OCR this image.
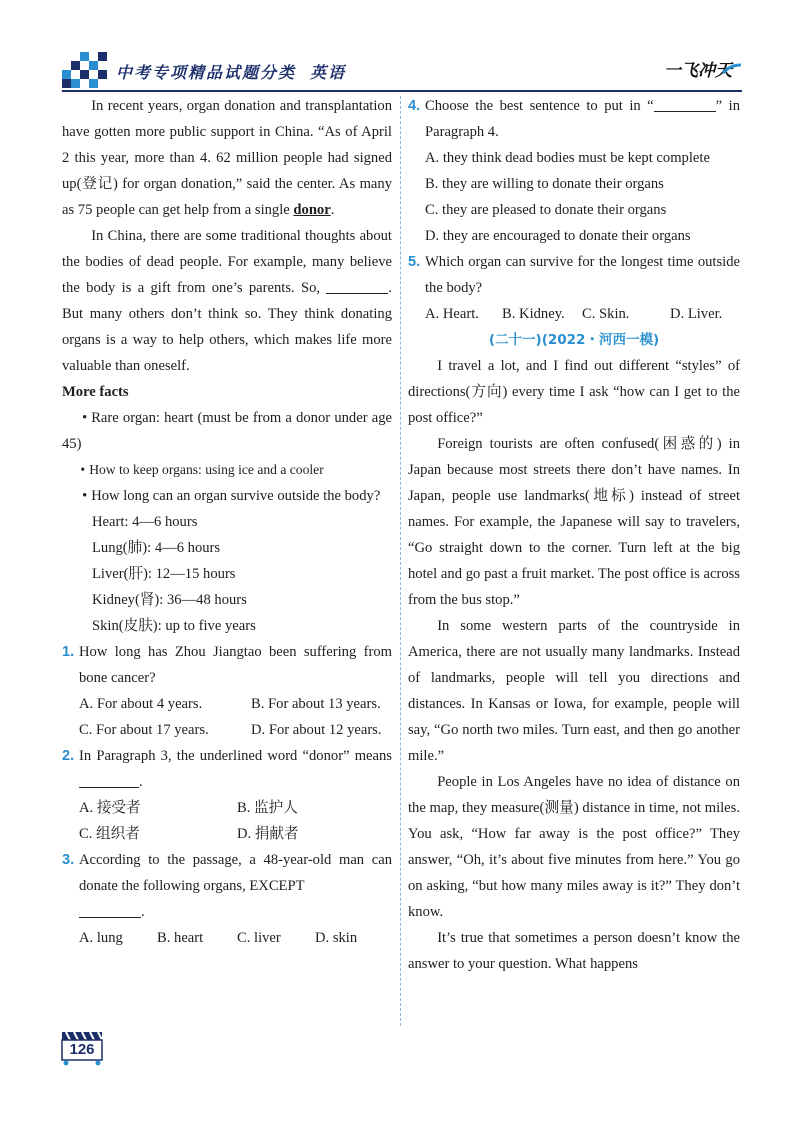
中考专项精品试题分类 英语	一飞冲天

In recent years, organ donation and transplantation have gotten more public support in China. “As of April 2 this year, more than 4. 62 million people had signed up(登记) for organ donation,” said the center. As many as 75 people can get help from a single donor.

In China, there are some traditional thoughts about the bodies of dead people. For example, many believe the body is a gift from one’s parents. So,	. But many others don’t think so. They think donating organs is a way to help others, which makes life more valuable than oneself.

More facts

• Rare organ: heart (must be from a donor under age 45)

• How to keep organs: using ice and a cooler

• How long can an organ survive outside the body?

Heart: 4—6 hours

Lung(肺): 4—6 hours

Liver(肝): 12—15 hours

Kidney(肾): 36—48 hours

Skin(皮肤): up to five years

1. How long has Zhou Jiangtao been suffering from bone cancer?

A. For about 4 years.	B. For about 13 years.
C. For about 17 years.	D. For about 12 years.

2. In Paragraph 3, the underlined word “donor” means .

A. 接受者	B. 监护人
C. 组织者	D. 捐献者

3. According to the passage, a 48-year-old man can donate the following organs, EXCEPT

.

A. lung	B. heart	C. liver	D. skin

4. Choose the best sentence to put in “	” in Paragraph 4.

A. they think dead bodies must be kept complete

B. they are willing to donate their organs

C. they are pleased to donate their organs

D. they are encouraged to donate their organs

5. Which organ can survive for the longest time outside the body?

A. Heart.	B. Kidney.	C. Skin.	D. Liver.

(二十一)(2022・河西一模)

I travel a lot, and I find out different “styles” of directions(方向) every time I ask “how can I get to the post office?”

Foreign tourists are often confused(困惑的) in Japan because most streets there don’t have names. In Japan, people use landmarks(地标) instead of street names. For example, the Japanese will say to travelers, “Go straight down to the corner. Turn left at the big hotel and go past a fruit market. The post office is across from the bus stop.”

In some western parts of the countryside in America, there are not usually many landmarks. Instead of landmarks, people will tell you directions and distances. In Kansas or Iowa, for example, people will say, “Go north two miles. Turn east, and then go another mile.”

People in Los Angeles have no idea of distance on the map, they measure(测量) distance in time, not miles. You ask, “How far away is the post office?” They answer, “Oh, it’s about five minutes from here.” You go on asking, “but how many miles away is it?” They don’t know.

It’s true that sometimes a person doesn’t know the answer to your question. What happens

126
